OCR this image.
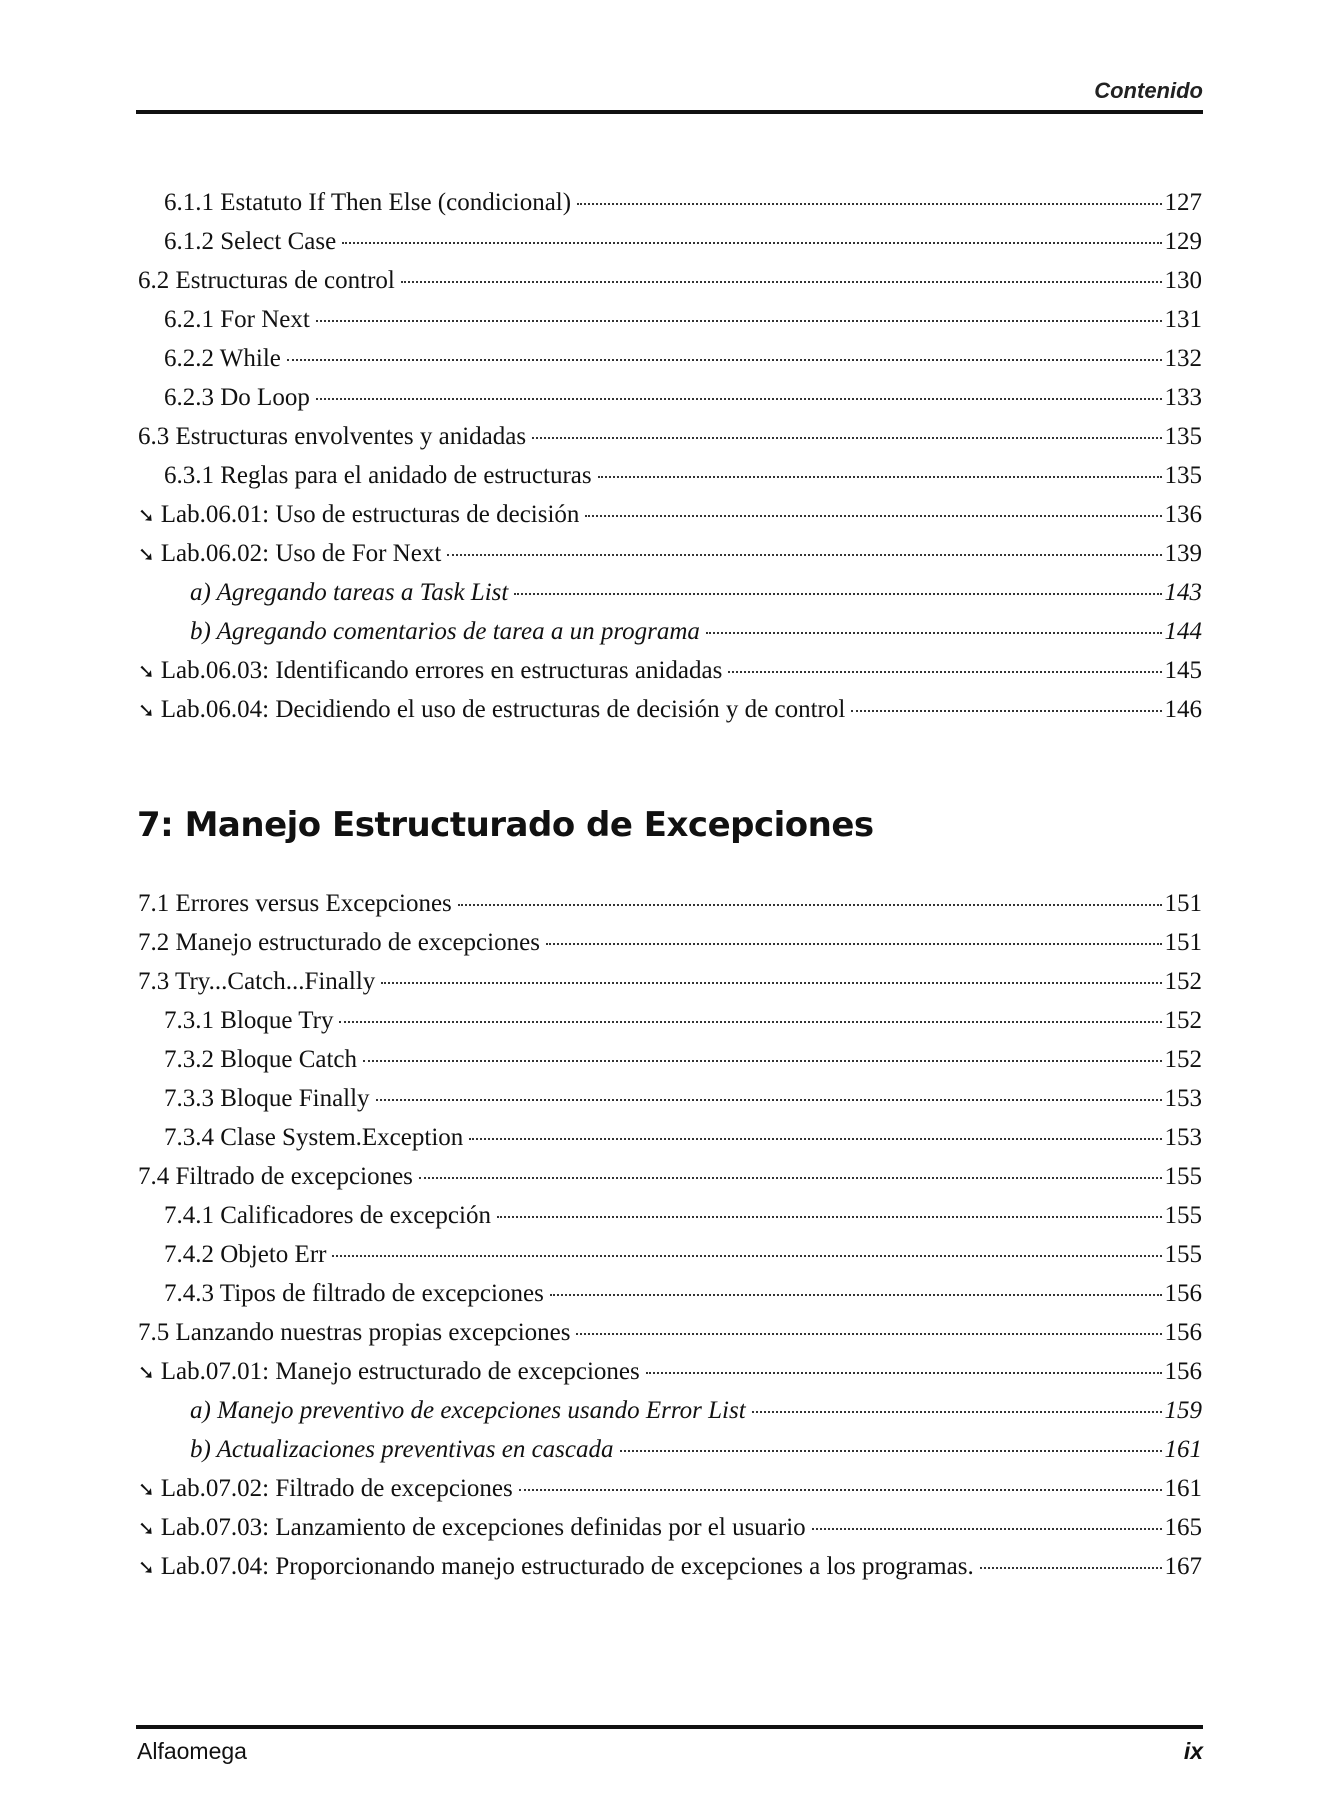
Contenido
6.1.1 Estatuto If Then Else (condicional)	127
6.1.2 Select Case	129
6.2 Estructuras de control	130
6.2.1 For Next	131
6.2.2 While	132
6.2.3 Do Loop	133
6.3 Estructuras envolventes y anidadas	135
6.3.1 Reglas para el anidado de estructuras	135
➘ Lab.06.01: Uso de estructuras de decisión	136
➘ Lab.06.02: Uso de For Next	139
a) Agregando tareas a Task List	143
b) Agregando comentarios de tarea a un programa	144
➘ Lab.06.03: Identificando errores en estructuras anidadas	145
➘ Lab.06.04: Decidiendo el uso de estructuras de decisión y de control	146
7: Manejo Estructurado de Excepciones
7.1 Errores versus Excepciones	151
7.2 Manejo estructurado de excepciones	151
7.3 Try...Catch...Finally	152
7.3.1 Bloque Try	152
7.3.2 Bloque Catch	152
7.3.3 Bloque Finally	153
7.3.4 Clase System.Exception	153
7.4 Filtrado de excepciones	155
7.4.1 Calificadores de excepción	155
7.4.2 Objeto Err	155
7.4.3 Tipos de filtrado de excepciones	156
7.5 Lanzando nuestras propias excepciones	156
➘ Lab.07.01: Manejo estructurado de excepciones	156
a) Manejo preventivo de excepciones usando Error List	159
b) Actualizaciones preventivas en cascada	161
➘ Lab.07.02: Filtrado de excepciones	161
➘ Lab.07.03: Lanzamiento de excepciones definidas por el usuario	165
➘ Lab.07.04: Proporcionando manejo estructurado de excepciones a los programas.	167
Alfaomega	ix
